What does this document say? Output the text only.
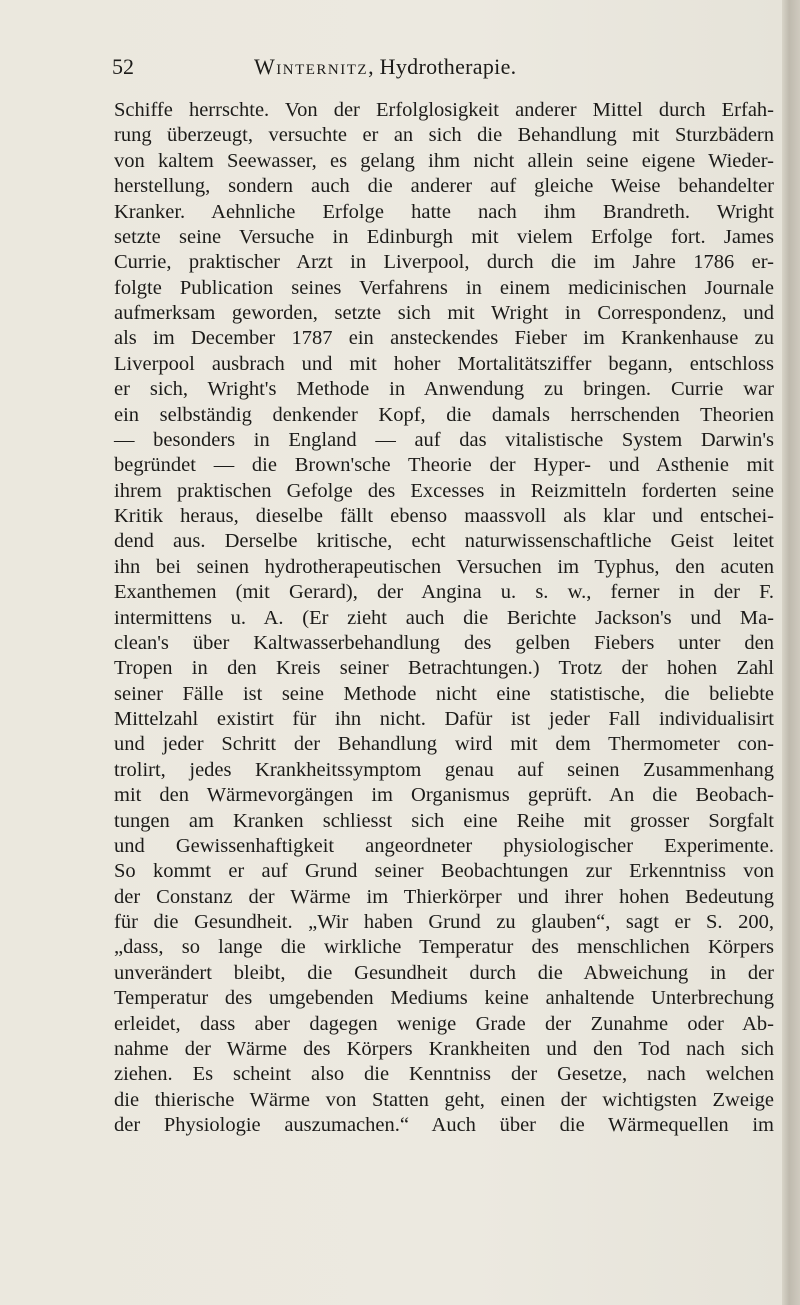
52	Winternitz, Hydrotherapie.
Schiffe herrschte. Von der Erfolglosigkeit anderer Mittel durch Erfah-
rung überzeugt, versuchte er an sich die Behandlung mit Sturzbädern
von kaltem Seewasser, es gelang ihm nicht allein seine eigene Wieder-
herstellung, sondern auch die anderer auf gleiche Weise behandelter
Kranker. Aehnliche Erfolge hatte nach ihm Brandreth. Wright
setzte seine Versuche in Edinburgh mit vielem Erfolge fort. James
Currie, praktischer Arzt in Liverpool, durch die im Jahre 1786 er-
folgte Publication seines Verfahrens in einem medicinischen Journale
aufmerksam geworden, setzte sich mit Wright in Correspondenz, und
als im December 1787 ein ansteckendes Fieber im Krankenhause zu
Liverpool ausbrach und mit hoher Mortalitätsziffer begann, entschloss
er sich, Wright's Methode in Anwendung zu bringen. Currie war
ein selbständig denkender Kopf, die damals herrschenden Theorien
— besonders in England — auf das vitalistische System Darwin's
begründet — die Brown'sche Theorie der Hyper- und Asthenie mit
ihrem praktischen Gefolge des Excesses in Reizmitteln forderten seine
Kritik heraus, dieselbe fällt ebenso maassvoll als klar und entschei-
dend aus. Derselbe kritische, echt naturwissenschaftliche Geist leitet
ihn bei seinen hydrotherapeutischen Versuchen im Typhus, den acuten
Exanthemen (mit Gerard), der Angina u. s. w., ferner in der F.
intermittens u. A. (Er zieht auch die Berichte Jackson's und Ma-
clean's über Kaltwasserbehandlung des gelben Fiebers unter den
Tropen in den Kreis seiner Betrachtungen.) Trotz der hohen Zahl
seiner Fälle ist seine Methode nicht eine statistische, die beliebte
Mittelzahl existirt für ihn nicht. Dafür ist jeder Fall individualisirt
und jeder Schritt der Behandlung wird mit dem Thermometer con-
trolirt, jedes Krankheitssymptom genau auf seinen Zusammenhang
mit den Wärmevorgängen im Organismus geprüft. An die Beobach-
tungen am Kranken schliesst sich eine Reihe mit grosser Sorgfalt
und Gewissenhaftigkeit angeordneter physiologischer Experimente.
So kommt er auf Grund seiner Beobachtungen zur Erkenntniss von
der Constanz der Wärme im Thierkörper und ihrer hohen Bedeutung
für die Gesundheit. „Wir haben Grund zu glauben“, sagt er S. 200,
„dass, so lange die wirkliche Temperatur des menschlichen Körpers
unverändert bleibt, die Gesundheit durch die Abweichung in der
Temperatur des umgebenden Mediums keine anhaltende Unterbrechung
erleidet, dass aber dagegen wenige Grade der Zunahme oder Ab-
nahme der Wärme des Körpers Krankheiten und den Tod nach sich
ziehen. Es scheint also die Kenntniss der Gesetze, nach welchen
die thierische Wärme von Statten geht, einen der wichtigsten Zweige
der Physiologie auszumachen.“ Auch über die Wärmequellen im
